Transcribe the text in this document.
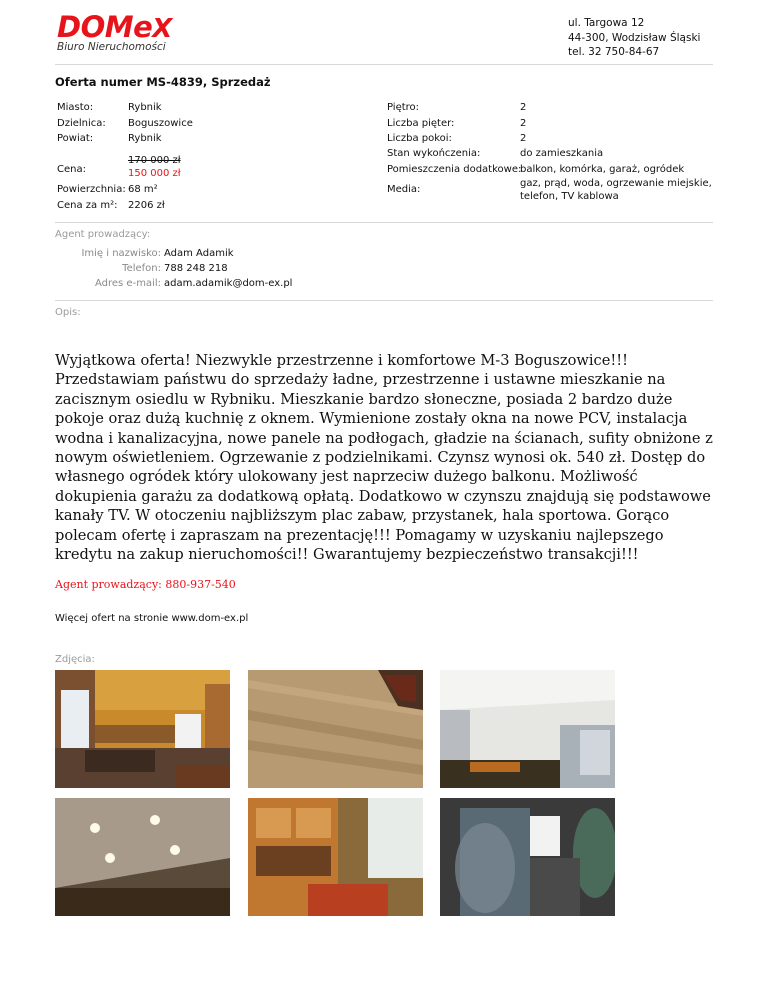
DOMeX
Biuro Nieruchomości
ul. Targowa 12
44-300, Wodzisław Śląski
tel. 32 750-84-67
Oferta numer MS-4839, Sprzedaż
Miasto:	Rybnik
Dzielnica: Boguszowice
Powiat:	Rybnik
Cena:
170 000 zł
150 000 zł
Powierzchnia: 68 m²
Cena za m²: 2206 zł
Piętro:	2
Liczba pięter:	2
Liczba pokoi:	2
Stan wykończenia:	do zamieszkania
Pomieszczenia dodatkowe:
balkon, komórka, garaż, ogródek
Media:
gaz, prąd, woda, ogrzewanie miejskie,
telefon, TV kablowa
Agent prowadzący:
Imię i nazwisko: Adam Adamik
Telefon: 788 248 218
Adres e-mail: adam.adamik@dom-ex.pl
Opis:
Wyjątkowa oferta! Niezwykle przestrzenne i komfortowe M-3 Boguszowice!!! Przedstawiam państwu do sprzedaży ładne, przestrzenne i ustawne mieszkanie na zacisznym osiedlu w Rybniku. Mieszkanie bardzo słoneczne, posiada 2 bardzo duże pokoje oraz dużą kuchnię z oknem. Wymienione zostały okna na nowe PCV, instalacja wodna i kanalizacyjna, nowe panele na podłogach, gładzie na ścianach, sufity obniżone z nowym oświetleniem. Ogrzewanie z podzielnikami. Czynsz wynosi ok. 540 zł. Dostęp do własnego ogródek który ulokowany jest naprzeciw dużego balkonu. Możliwość dokupienia garażu za dodatkową opłatą. Dodatkowo w czynszu znajdują się podstawowe kanały TV. W otoczeniu najbliższym plac zabaw, przystanek, hala sportowa. Gorąco polecam ofertę i zapraszam na prezentację!!! Pomagamy w uzyskaniu najlepszego kredytu na zakup nieruchomości!! Gwarantujemy bezpieczeństwo transakcji!!!
Agent prowadzący: 880-937-540
Więcej ofert na stronie www.dom-ex.pl
Zdjęcia:
